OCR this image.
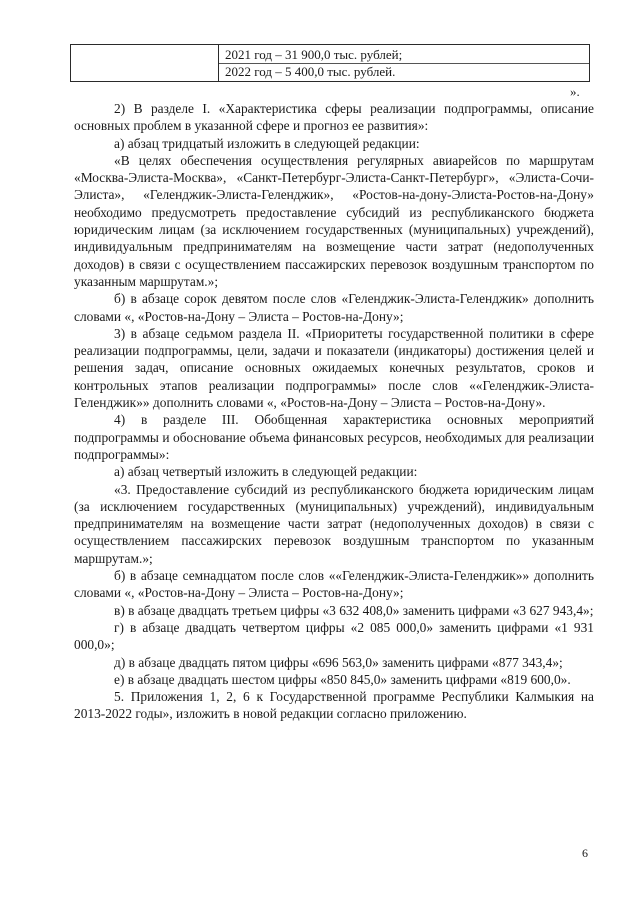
2021 год – 31 900,0 тыс. рублей;
2022 год – 5 400,0 тыс. рублей.
».

2) В разделе I. «Характеристика сферы реализации подпрограммы, описание основных проблем в указанной сфере и прогноз ее развития»:

а) абзац тридцатый изложить в следующей редакции:

«В целях обеспечения осуществления регулярных авиарейсов по маршрутам «Москва-Элиста-Москва», «Санкт-Петербург-Элиста-Санкт-Петербург», «Элиста-Сочи-Элиста», «Геленджик-Элиста-Геленджик», «Ростов-на-дону-Элиста-Ростов-на-Дону» необходимо предусмотреть предоставление субсидий из республиканского бюджета юридическим лицам (за исключением государственных (муниципальных) учреждений), индивидуальным предпринимателям на возмещение части затрат (недополученных доходов) в связи с осуществлением пассажирских перевозок воздушным транспортом по указанным маршрутам.»;

б) в абзаце сорок девятом после слов «Геленджик-Элиста-Геленджик» дополнить словами «, «Ростов-на-Дону – Элиста – Ростов-на-Дону»;

3) в абзаце седьмом раздела II. «Приоритеты государственной политики в сфере реализации подпрограммы, цели, задачи и показатели (индикаторы) достижения целей и решения задач, описание основных ожидаемых конечных результатов, сроков и контрольных этапов реализации подпрограммы» после слов ««Геленджик-Элиста-Геленджик»» дополнить словами «, «Ростов-на-Дону – Элиста – Ростов-на-Дону».

4) в разделе III. Обобщенная характеристика основных мероприятий подпрограммы и обоснование объема финансовых ресурсов, необходимых для реализации подпрограммы»:

а) абзац четвертый изложить в следующей редакции:

«3. Предоставление субсидий из республиканского бюджета юридическим лицам (за исключением государственных (муниципальных) учреждений), индивидуальным предпринимателям на возмещение части затрат (недополученных доходов) в связи с осуществлением пассажирских перевозок воздушным транспортом по указанным маршрутам.»;

б) в абзаце семнадцатом после слов ««Геленджик-Элиста-Геленджик»» дополнить словами «, «Ростов-на-Дону – Элиста – Ростов-на-Дону»;

в) в абзаце двадцать третьем цифры «3 632 408,0» заменить цифрами «3 627 943,4»;

г) в абзаце двадцать четвертом цифры «2 085 000,0» заменить цифрами «1 931 000,0»;

д) в абзаце двадцать пятом цифры «696 563,0» заменить цифрами «877 343,4»;

е) в абзаце двадцать шестом цифры «850 845,0» заменить цифрами «819 600,0».

5. Приложения 1, 2, 6 к Государственной программе Республики Калмыкия на 2013-2022 годы», изложить в новой редакции согласно приложению.

6
